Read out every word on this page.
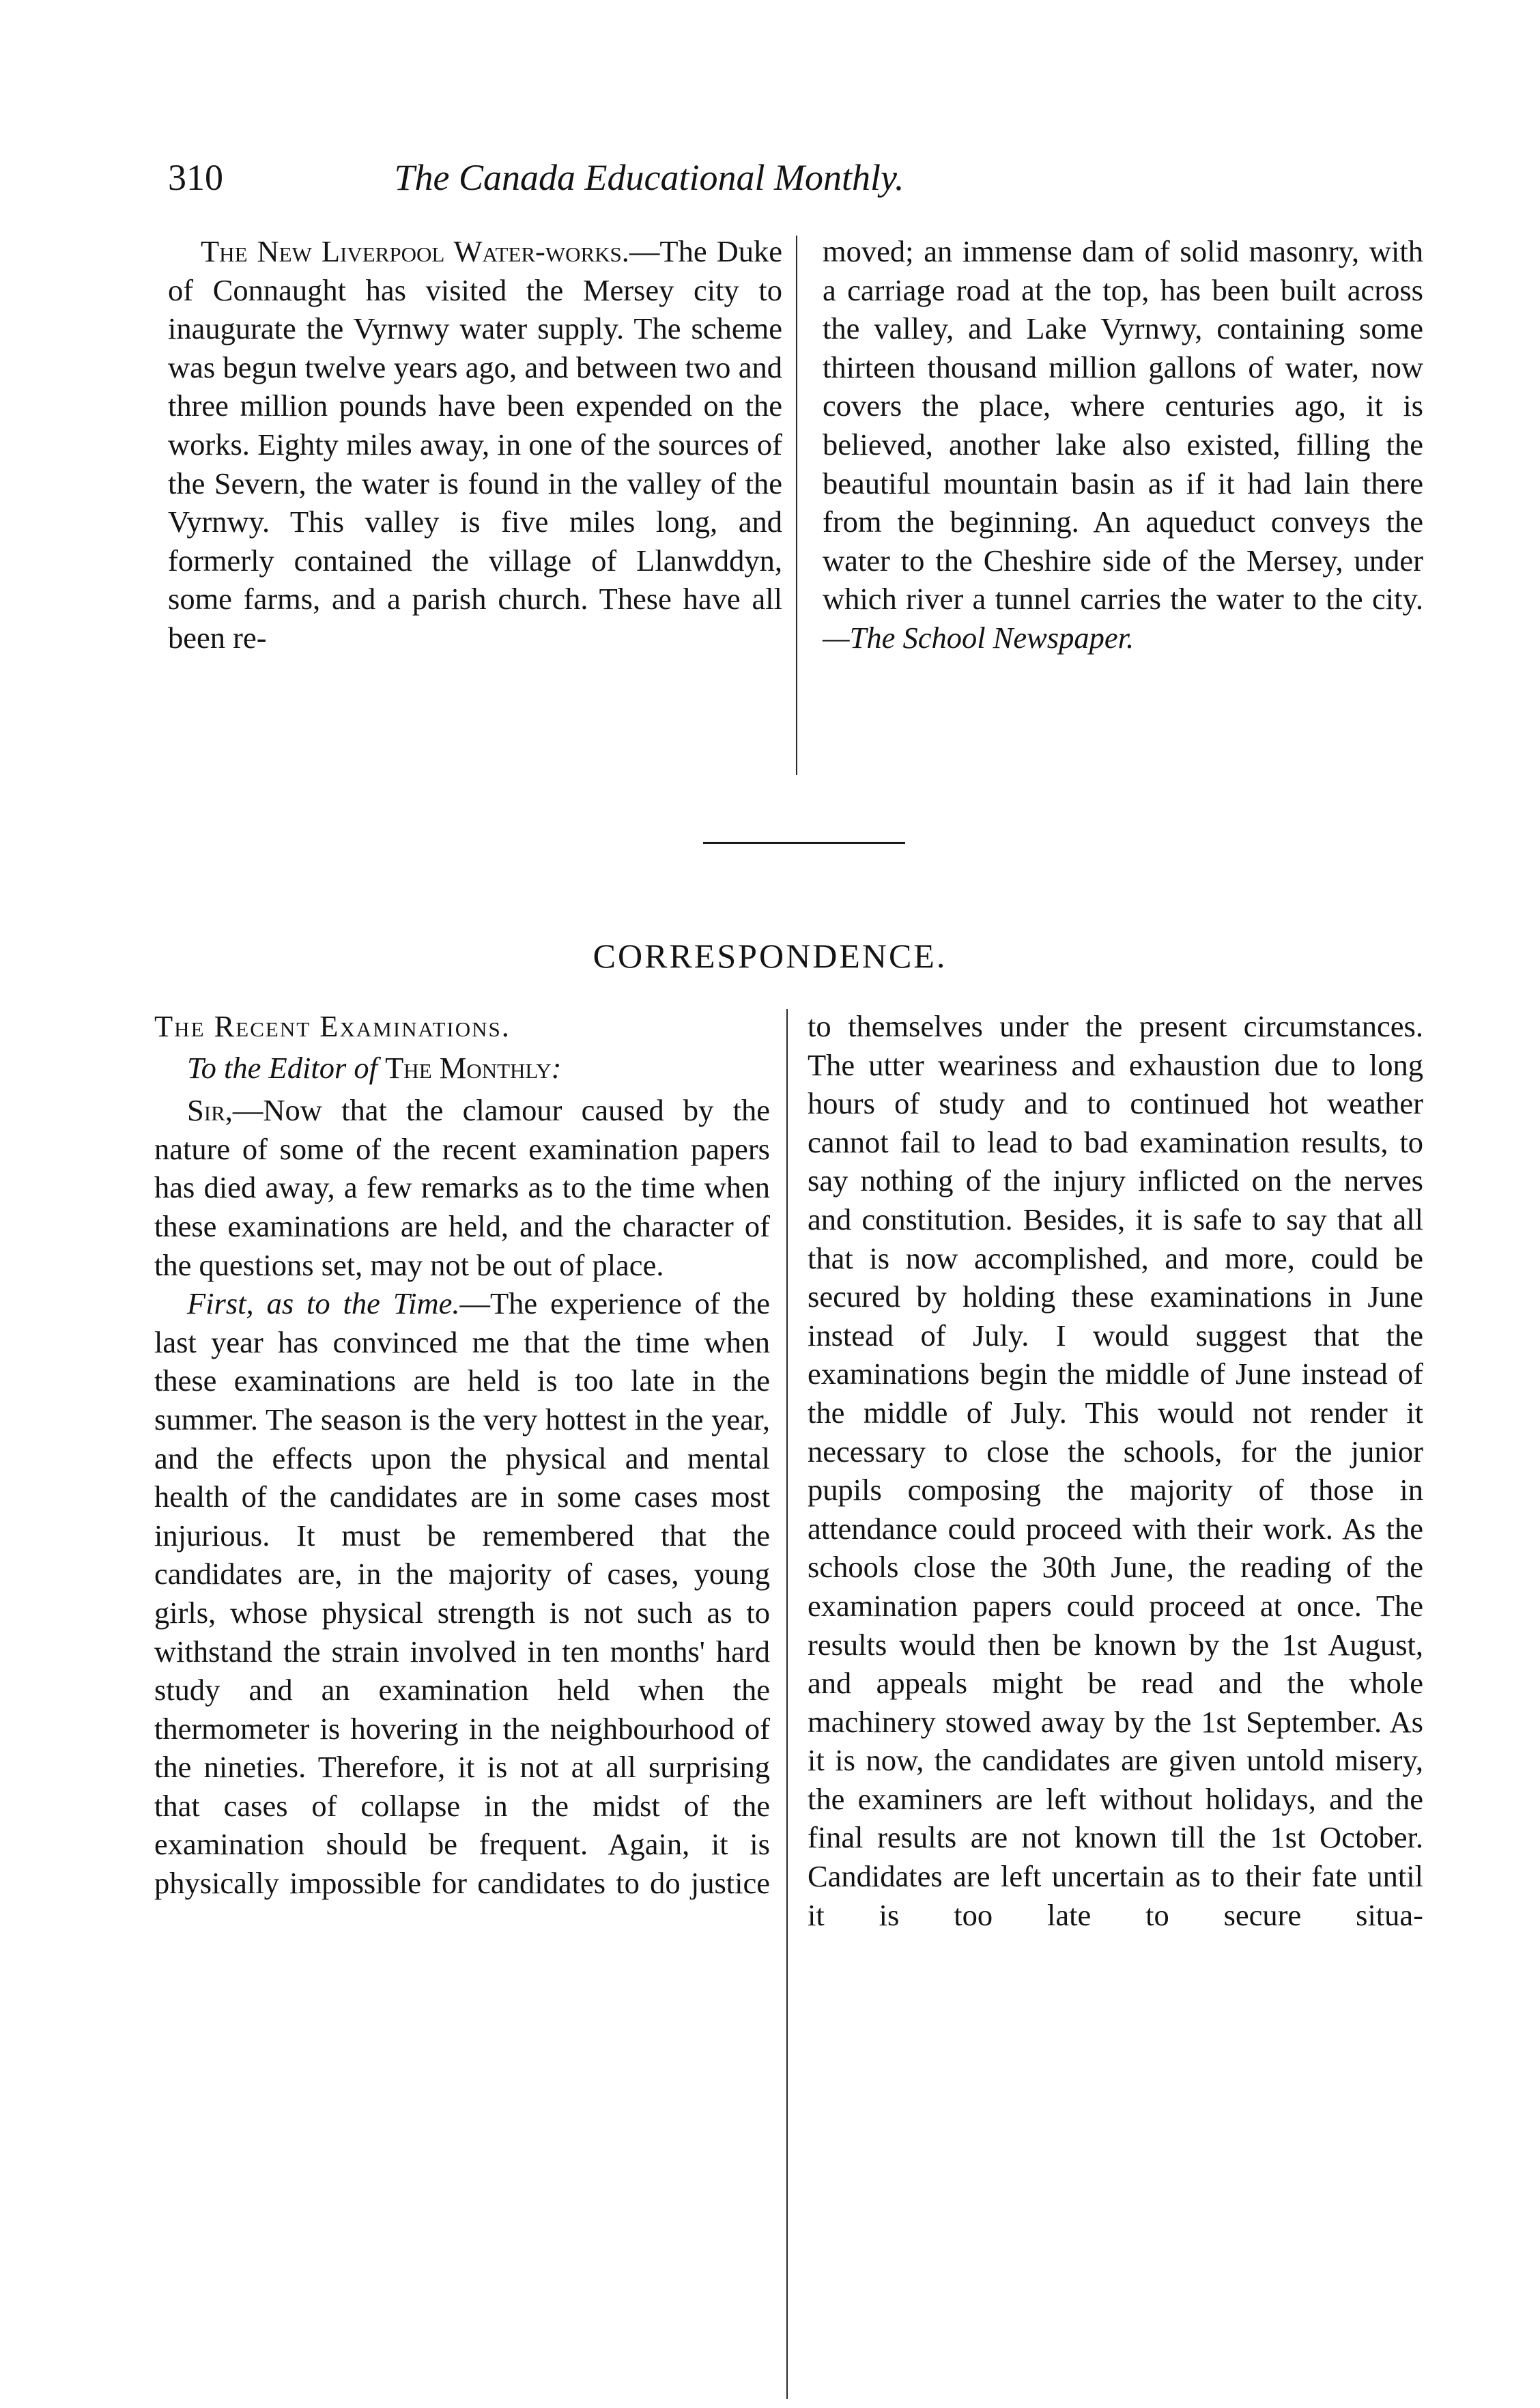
310	The Canada Educational Monthly.

The New Liverpool Water-works.—The Duke of Connaught has visited the Mersey city to inaugurate the Vyrnwy water supply. The scheme was begun twelve years ago, and between two and three million pounds have been expended on the works. Eighty miles away, in one of the sources of the Severn, the water is found in the valley of the Vyrnwy. This valley is five miles long, and formerly contained the village of Llanwddyn, some farms, and a parish church. These have all been re-

moved; an immense dam of solid masonry, with a carriage road at the top, has been built across the valley, and Lake Vyrnwy, containing some thirteen thousand million gallons of water, now covers the place, where centuries ago, it is believed, another lake also existed, filling the beautiful mountain basin as if it had lain there from the beginning. An aqueduct conveys the water to the Cheshire side of the Mersey, under which river a tunnel carries the water to the city.

—The School Newspaper.

CORRESPONDENCE.

The Recent Examinations.

To the Editor of The Monthly:

Sir,—Now that the clamour caused by the nature of some of the recent examination papers has died away, a few remarks as to the time when these examinations are held, and the character of the questions set, may not be out of place.

First, as to the Time.—The experience of the last year has convinced me that the time when these examinations are held is too late in the summer. The season is the very hottest in the year, and the effects upon the physical and mental health of the candidates are in some cases most injurious. It must be remembered that the candidates are, in the majority of cases, young girls, whose physical strength is not such as to withstand the strain involved in ten months' hard study and an examination held when the thermometer is hovering in the neighbourhood of the nineties. Therefore, it is not at all surprising that cases of collapse in the midst of the examination should be frequent. Again, it is physically impossible for candidates to do justice

to themselves under the present circumstances. The utter weariness and exhaustion due to long hours of study and to continued hot weather cannot fail to lead to bad examination results, to say nothing of the injury inflicted on the nerves and constitution. Besides, it is safe to say that all that is now accomplished, and more, could be secured by holding these examinations in June instead of July. I would suggest that the examinations begin the middle of June instead of the middle of July. This would not render it necessary to close the schools, for the junior pupils composing the majority of those in attendance could proceed with their work. As the schools close the 30th June, the reading of the examination papers could proceed at once. The results would then be known by the 1st August, and appeals might be read and the whole machinery stowed away by the 1st September. As it is now, the candidates are given untold misery, the examiners are left without holidays, and the final results are not known till the 1st October. Candidates are left uncertain as to their fate until it is too late to secure situa-
